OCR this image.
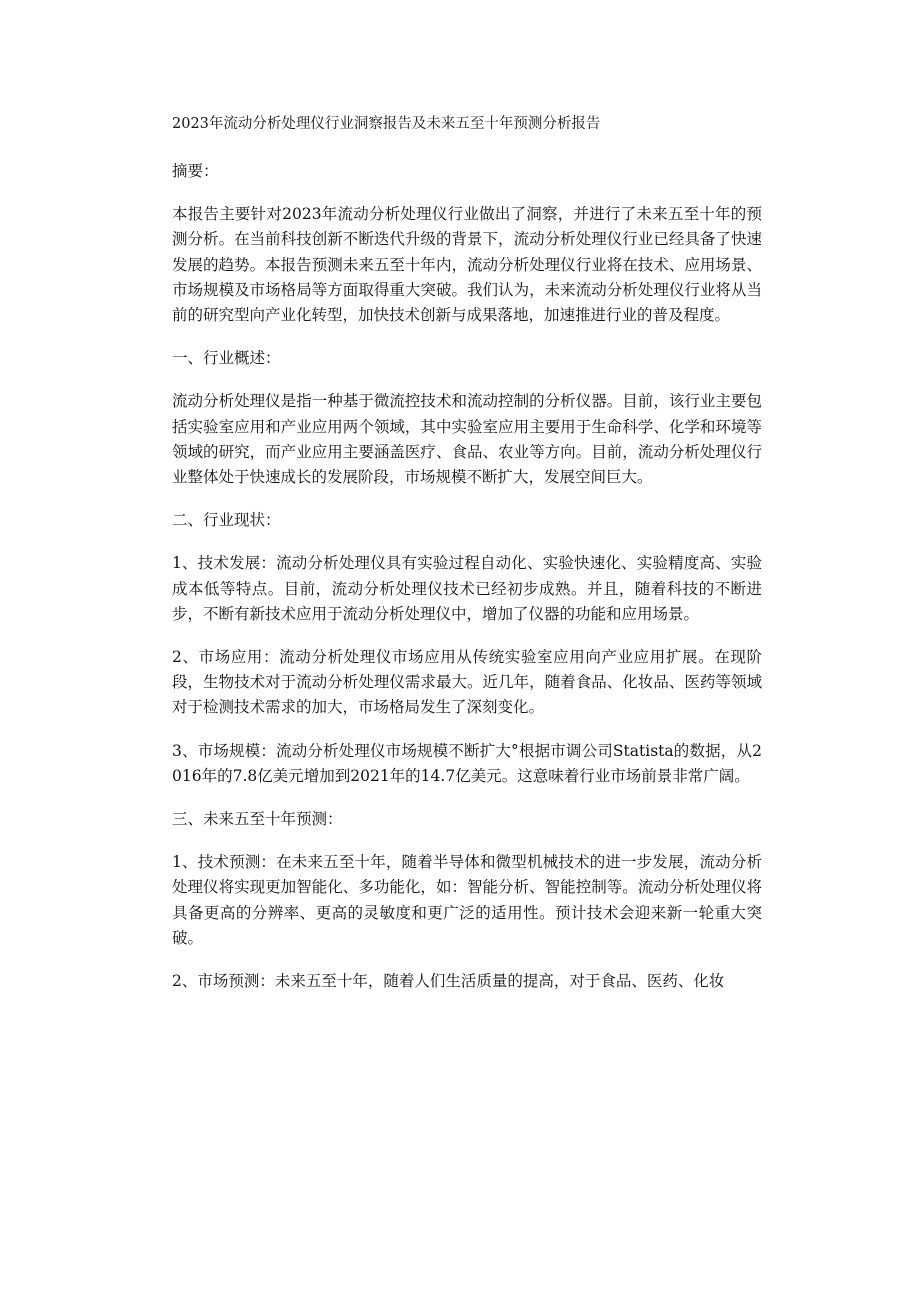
2023年流动分析处理仪行业洞察报告及未来五至十年预测分析报告

摘要：

本报告主要针对2023年流动分析处理仪行业做出了洞察，并进行了未来五至十年的预测分析。在当前科技创新不断迭代升级的背景下，流动分析处理仪行业已经具备了快速发展的趋势。本报告预测未来五至十年内，流动分析处理仪行业将在技术、应用场景、市场规模及市场格局等方面取得重大突破。我们认为，未来流动分析处理仪行业将从当前的研究型向产业化转型，加快技术创新与成果落地，加速推进行业的普及程度。

一、行业概述：

流动分析处理仪是指一种基于微流控技术和流动控制的分析仪器。目前，该行业主要包括实验室应用和产业应用两个领域，其中实验室应用主要用于生命科学、化学和环境等领域的研究，而产业应用主要涵盖医疗、食品、农业等方向。目前，流动分析处理仪行业整体处于快速成长的发展阶段，市场规模不断扩大，发展空间巨大。

二、行业现状：

1、技术发展：流动分析处理仪具有实验过程自动化、实验快速化、实验精度高、实验成本低等特点。目前，流动分析处理仪技术已经初步成熟。并且，随着科技的不断进步，不断有新技术应用于流动分析处理仪中，增加了仪器的功能和应用场景。

2、市场应用：流动分析处理仪市场应用从传统实验室应用向产业应用扩展。在现阶段，生物技术对于流动分析处理仪需求最大。近几年，随着食品、化妆品、医药等领域对于检测技术需求的加大，市场格局发生了深刻变化。

3、市场规模：流动分析处理仪市场规模不断扩大°根据市调公司Statista的数据，从2016年的7.8亿美元增加到2021年的14.7亿美元。这意味着行业市场前景非常广阔。

三、未来五至十年预测：

1、技术预测：在未来五至十年，随着半导体和微型机械技术的进一步发展，流动分析处理仪将实现更加智能化、多功能化，如：智能分析、智能控制等。流动分析处理仪将具备更高的分辨率、更高的灵敏度和更广泛的适用性。预计技术会迎来新一轮重大突破。

2、市场预测：未来五至十年，随着人们生活质量的提高，对于食品、医药、化妆
